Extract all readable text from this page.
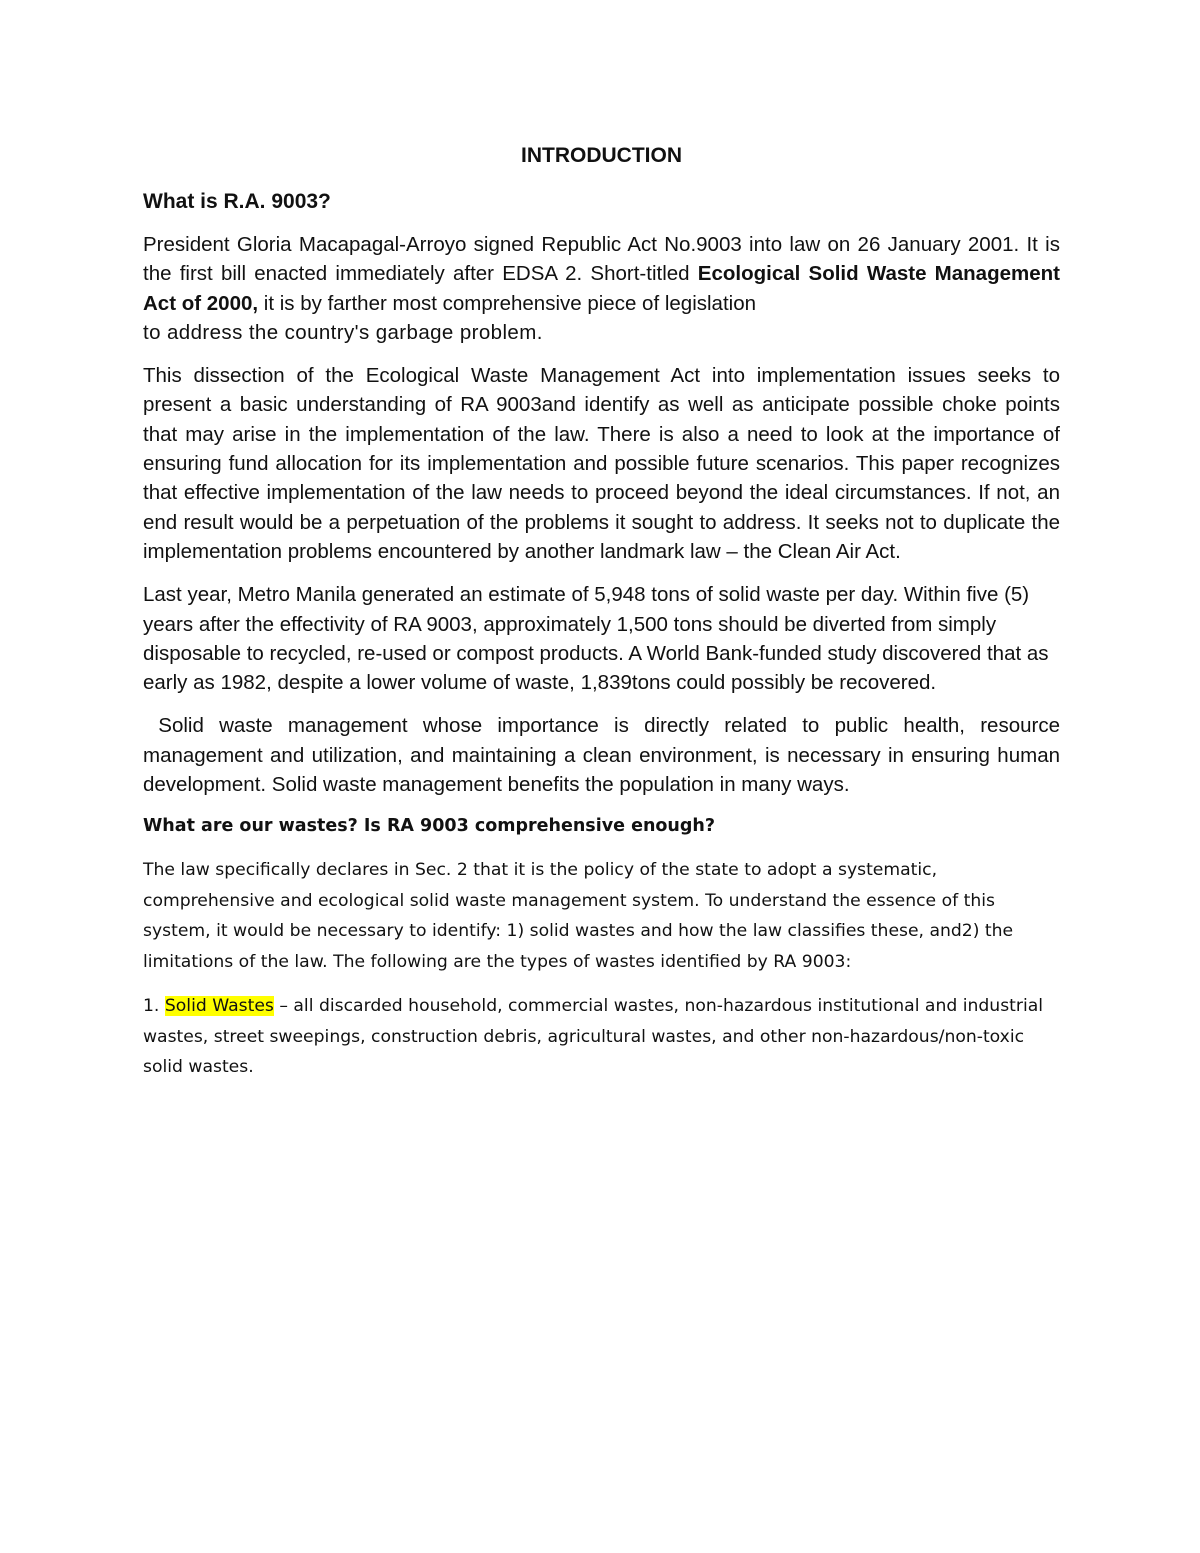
INTRODUCTION
What is R.A. 9003?

President Gloria Macapagal-Arroyo signed Republic Act No.9003 into law on 26 January 2001. It is the first bill enacted immediately after EDSA 2. Short-titled Ecological Solid Waste Management Act of 2000, it is by farther most comprehensive piece of legislation
to address the country's garbage problem.

This dissection of the Ecological Waste Management Act into implementation issues seeks to present a basic understanding of RA 9003and identify as well as anticipate possible choke points that may arise in the implementation of the law. There is also a need to look at the importance of ensuring fund allocation for its implementation and possible future scenarios. This paper recognizes that effective implementation of the law needs to proceed beyond the ideal circumstances. If not, an end result would be a perpetuation of the problems it sought to address. It seeks not to duplicate the implementation problems encountered by another landmark law – the Clean Air Act.

Last year, Metro Manila generated an estimate of 5,948 tons of solid waste per day. Within five (5) years after the effectivity of RA 9003, approximately 1,500 tons should be diverted from simply disposable to recycled, re-used or compost products. A World Bank-funded study discovered that as early as 1982, despite a lower volume of waste, 1,839tons could possibly be recovered.

Solid waste management whose importance is directly related to public health, resource management and utilization, and maintaining a clean environment, is necessary in ensuring human development. Solid waste management benefits the population in many ways.

What are our wastes? Is RA 9003 comprehensive enough?

The law specifically declares in Sec. 2 that it is the policy of the state to adopt a systematic, comprehensive and ecological solid waste management system. To understand the essence of this system, it would be necessary to identify: 1) solid wastes and how the law classifies these, and2) the limitations of the law. The following are the types of wastes identified by RA 9003:

1. Solid Wastes – all discarded household, commercial wastes, non-hazardous institutional and industrial wastes, street sweepings, construction debris, agricultural wastes, and other non-hazardous/non-toxic solid wastes.
